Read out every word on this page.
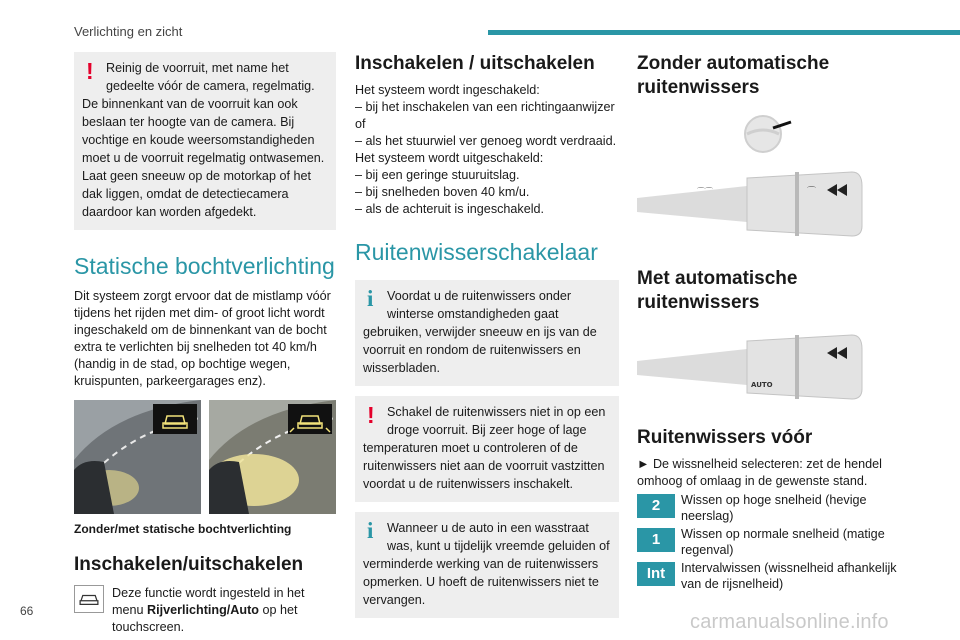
Verlichting en zicht
! Reinig de voorruit, met name het
gedeelte vóór de camera, regelmatig.
De binnenkant van de voorruit kan ook beslaan ter hoogte van de camera. Bij vochtige en koude weersomstandigheden moet u de voorruit regelmatig ontwasemen. Laat geen sneeuw op de motorkap of het dak liggen, omdat de detectiecamera daardoor kan worden afgedekt.
Statische bochtverlichting
Dit systeem zorgt ervoor dat de mistlamp vóór tijdens het rijden met dim- of groot licht wordt ingeschakeld om de binnenkant van de bocht extra te verlichten bij snelheden tot 40 km/h (handig in de stad, op bochtige wegen, kruispunten, parkeergarages enz).
Zonder/met statische bochtverlichting
Inschakelen/uitschakelen
Deze functie wordt ingesteld in het menu Rijverlichting/Auto op het touchscreen.
Inschakelen / uitschakelen
Het systeem wordt ingeschakeld:
– bij het inschakelen van een richtingaanwijzer of
– als het stuurwiel ver genoeg wordt verdraaid.
Het systeem wordt uitgeschakeld:
– bij een geringe stuuruitslag.
– bij snelheden boven 40 km/u.
– als de achteruit is ingeschakeld.
Ruitenwisserschakelaar
i	Voordat u de ruitenwissers onder
winterse omstandigheden gaat
gebruiken, verwijder sneeuw en ijs van de voorruit en rondom de ruitenwissers en wisserbladen.
! Schakel de ruitenwissers niet in op een
droge voorruit. Bij zeer hoge of lage
temperaturen moet u controleren of de ruitenwissers niet aan de voorruit vastzitten voordat u de ruitenwissers inschakelt.
i	Wanneer u de auto in een wasstraat
was, kunt u tijdelijk vreemde geluiden of
verminderde werking van de ruitenwissers opmerken. U hoeft de ruitenwissers niet te vervangen.
Zonder automatische ruitenwissers
⌒⌒	⌒
Met automatische ruitenwissers
AUTO
Ruitenwissers vóór
► De wissnelheid selecteren: zet de hendel omhoog of omlaag in de gewenste stand.
2	Wissen op hoge snelheid (hevige neerslag)
1	Wissen op normale snelheid (matige regenval)
Int	Intervalwissen (wissnelheid afhankelijk van de rijsnelheid)
66	carmanualsonline.info
